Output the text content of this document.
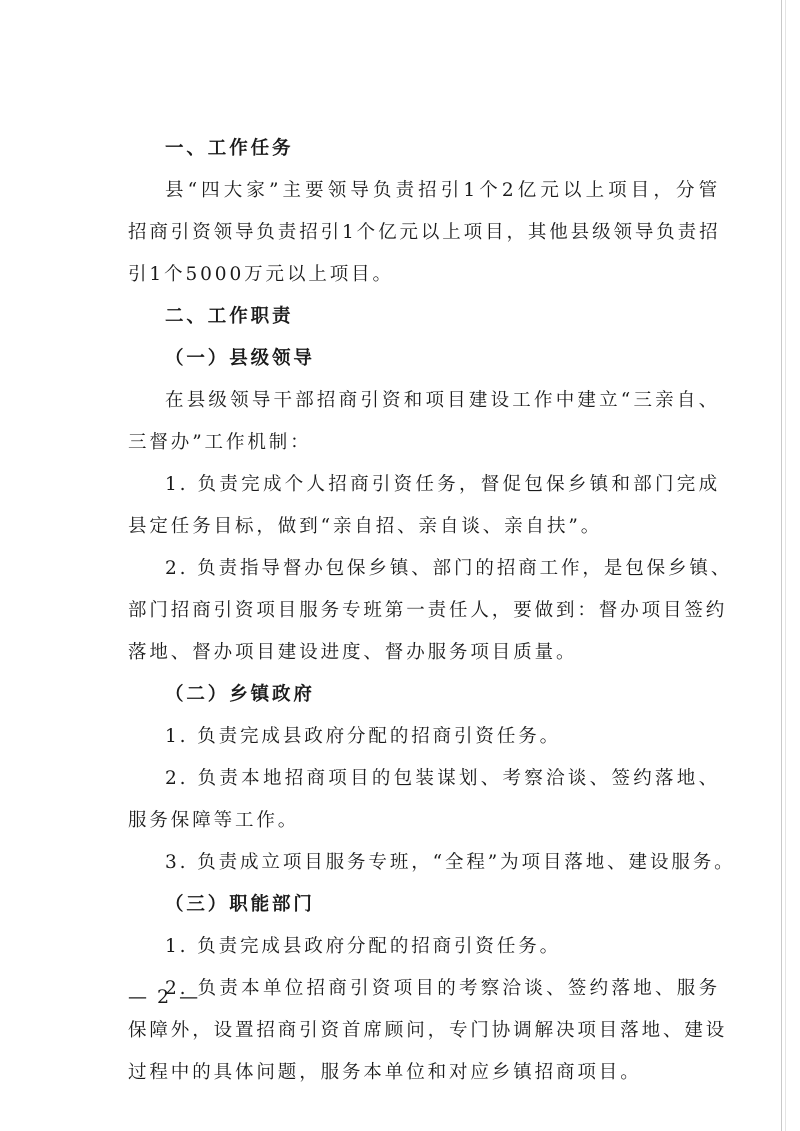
一、工作任务
县“四大家”主要领导负责招引1个2亿元以上项目，分管
招商引资领导负责招引1个亿元以上项目，其他县级领导负责招
引1个5000万元以上项目。
二、工作职责
（一）县级领导
在县级领导干部招商引资和项目建设工作中建立“三亲自、
三督办”工作机制：
1. 负责完成个人招商引资任务，督促包保乡镇和部门完成
县定任务目标，做到“亲自招、亲自谈、亲自扶”。
2. 负责指导督办包保乡镇、部门的招商工作，是包保乡镇、
部门招商引资项目服务专班第一责任人，要做到：督办项目签约
落地、督办项目建设进度、督办服务项目质量。
（二）乡镇政府
1. 负责完成县政府分配的招商引资任务。
2. 负责本地招商项目的包装谋划、考察洽谈、签约落地、
服务保障等工作。
3. 负责成立项目服务专班，“全程”为项目落地、建设服务。
（三）职能部门
1. 负责完成县政府分配的招商引资任务。
2. 负责本单位招商引资项目的考察洽谈、签约落地、服务
保障外，设置招商引资首席顾问，专门协调解决项目落地、建设
过程中的具体问题，服务本单位和对应乡镇招商项目。
— 2 —
